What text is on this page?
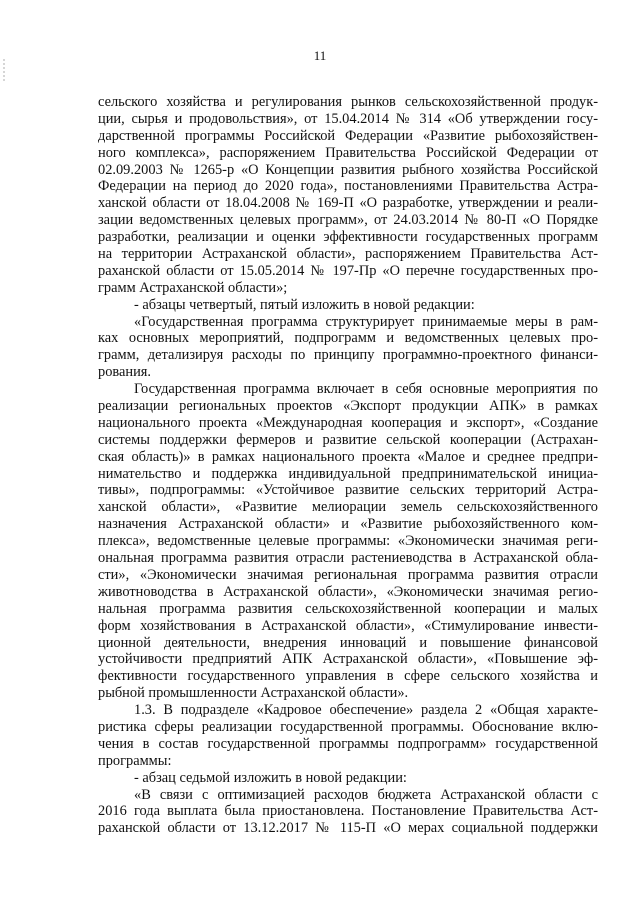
11
сельского хозяйства и регулирования рынков сельскохозяйственной продук-
ции, сырья и продовольствия», от 15.04.2014 № 314 «Об утверждении госу-
дарственной программы Российской Федерации «Развитие рыбохозяйствен-
ного комплекса», распоряжением Правительства Российской Федерации от
02.09.2003 № 1265-р «О Концепции развития рыбного хозяйства Российской
Федерации на период до 2020 года», постановлениями Правительства Астра-
ханской области от 18.04.2008 № 169-П «О разработке, утверждении и реали-
зации ведомственных целевых программ», от 24.03.2014 № 80-П «О Порядке
разработки, реализации и оценки эффективности государственных программ
на территории Астраханской области», распоряжением Правительства Аст-
раханской области от 15.05.2014 № 197-Пр «О перечне государственных про-
грамм Астраханской области»;
- абзацы четвертый, пятый изложить в новой редакции:
«Государственная программа структурирует принимаемые меры в рам-
ках основных мероприятий, подпрограмм и ведомственных целевых про-
грамм, детализируя расходы по принципу программно-проектного финанси-
рования.
Государственная программа включает в себя основные мероприятия по
реализации региональных проектов «Экспорт продукции АПК» в рамках
национального проекта «Международная кооперация и экспорт», «Создание
системы поддержки фермеров и развитие сельской кооперации (Астрахан-
ская область)» в рамках национального проекта «Малое и среднее предпри-
нимательство и поддержка индивидуальной предпринимательской инициа-
тивы», подпрограммы: «Устойчивое развитие сельских территорий Астра-
ханской области», «Развитие мелиорации земель сельскохозяйственного
назначения Астраханской области» и «Развитие рыбохозяйственного ком-
плекса», ведомственные целевые программы: «Экономически значимая реги-
ональная программа развития отрасли растениеводства в Астраханской обла-
сти», «Экономически значимая региональная программа развития отрасли
животноводства в Астраханской области», «Экономически значимая регио-
нальная программа развития сельскохозяйственной кооперации и малых
форм хозяйствования в Астраханской области», «Стимулирование инвести-
ционной деятельности, внедрения инноваций и повышение финансовой
устойчивости предприятий АПК Астраханской области», «Повышение эф-
фективности государственного управления в сфере сельского хозяйства и
рыбной промышленности Астраханской области».
1.3. В подразделе «Кадровое обеспечение» раздела 2 «Общая характе-
ристика сферы реализации государственной программы. Обоснование вклю-
чения в состав государственной программы подпрограмм» государственной
программы:
- абзац седьмой изложить в новой редакции:
«В связи с оптимизацией расходов бюджета Астраханской области с
2016 года выплата была приостановлена. Постановление Правительства Аст-
раханской области от 13.12.2017 № 115-П «О мерах социальной поддержки
